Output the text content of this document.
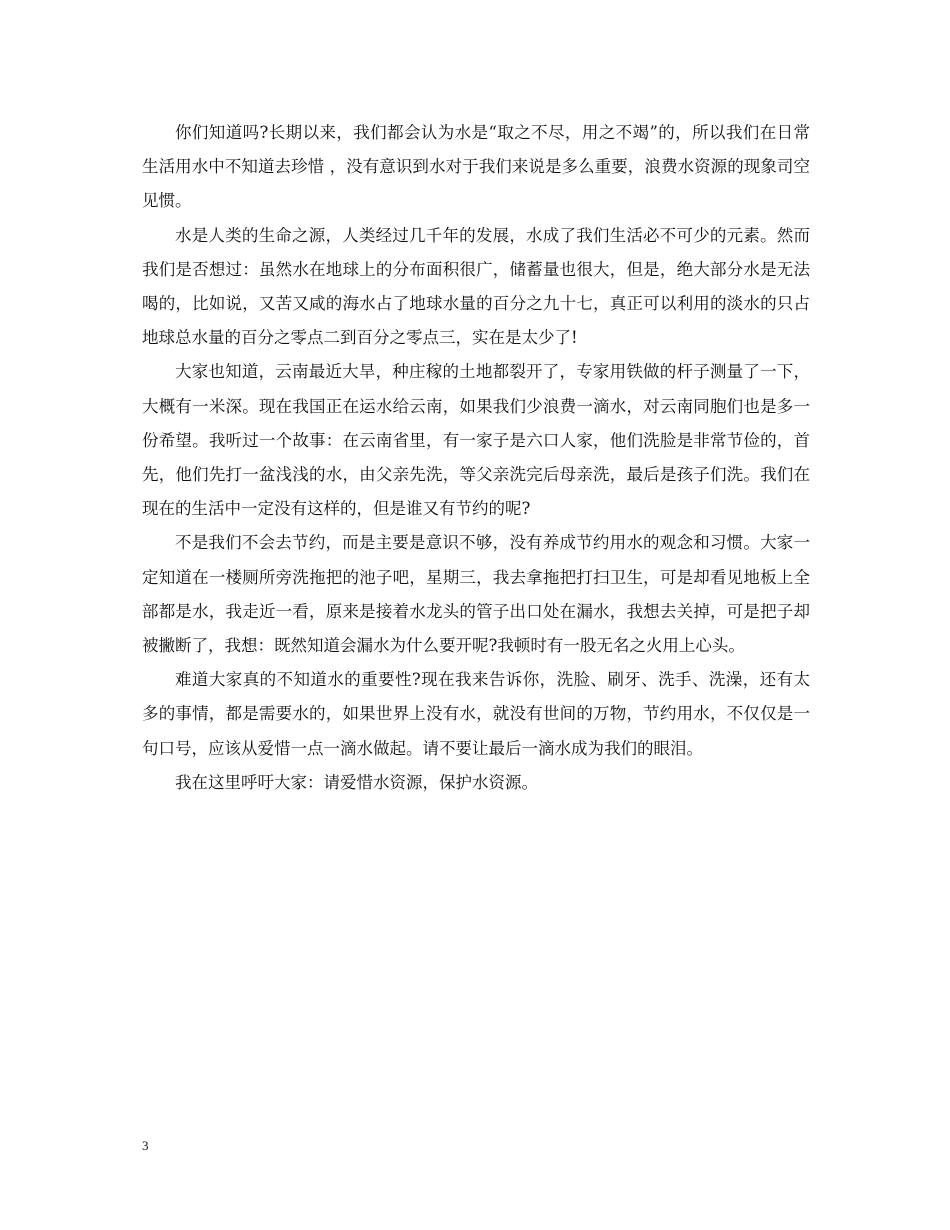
你们知道吗?长期以来，我们都会认为水是“取之不尽，用之不竭”的，所以我们在日常生活用水中不知道去珍惜 ，没有意识到水对于我们来说是多么重要，浪费水资源的现象司空见惯。

水是人类的生命之源，人类经过几千年的发展，水成了我们生活必不可少的元素。然而我们是否想过：虽然水在地球上的分布面积很广，储蓄量也很大，但是，绝大部分水是无法喝的，比如说，又苦又咸的海水占了地球水量的百分之九十七，真正可以利用的淡水的只占地球总水量的百分之零点二到百分之零点三，实在是太少了!

大家也知道，云南最近大旱，种庄稼的土地都裂开了，专家用铁做的杆子测量了一下，大概有一米深。现在我国正在运水给云南，如果我们少浪费一滴水，对云南同胞们也是多一份希望。我听过一个故事：在云南省里，有一家子是六口人家，他们洗脸是非常节俭的，首先，他们先打一盆浅浅的水，由父亲先洗，等父亲洗完后母亲洗，最后是孩子们洗。我们在现在的生活中一定没有这样的，但是谁又有节约的呢?

不是我们不会去节约，而是主要是意识不够，没有养成节约用水的观念和习惯。大家一定知道在一楼厕所旁洗拖把的池子吧，星期三，我去拿拖把打扫卫生，可是却看见地板上全部都是水，我走近一看，原来是接着水龙头的管子出口处在漏水，我想去关掉，可是把子却被撇断了，我想：既然知道会漏水为什么要开呢?我顿时有一股无名之火用上心头。

难道大家真的不知道水的重要性?现在我来告诉你，洗脸、刷牙、洗手、洗澡，还有太多的事情，都是需要水的，如果世界上没有水，就没有世间的万物，节约用水，不仅仅是一句口号，应该从爱惜一点一滴水做起。请不要让最后一滴水成为我们的眼泪。

我在这里呼吁大家：请爱惜水资源，保护水资源。

3
